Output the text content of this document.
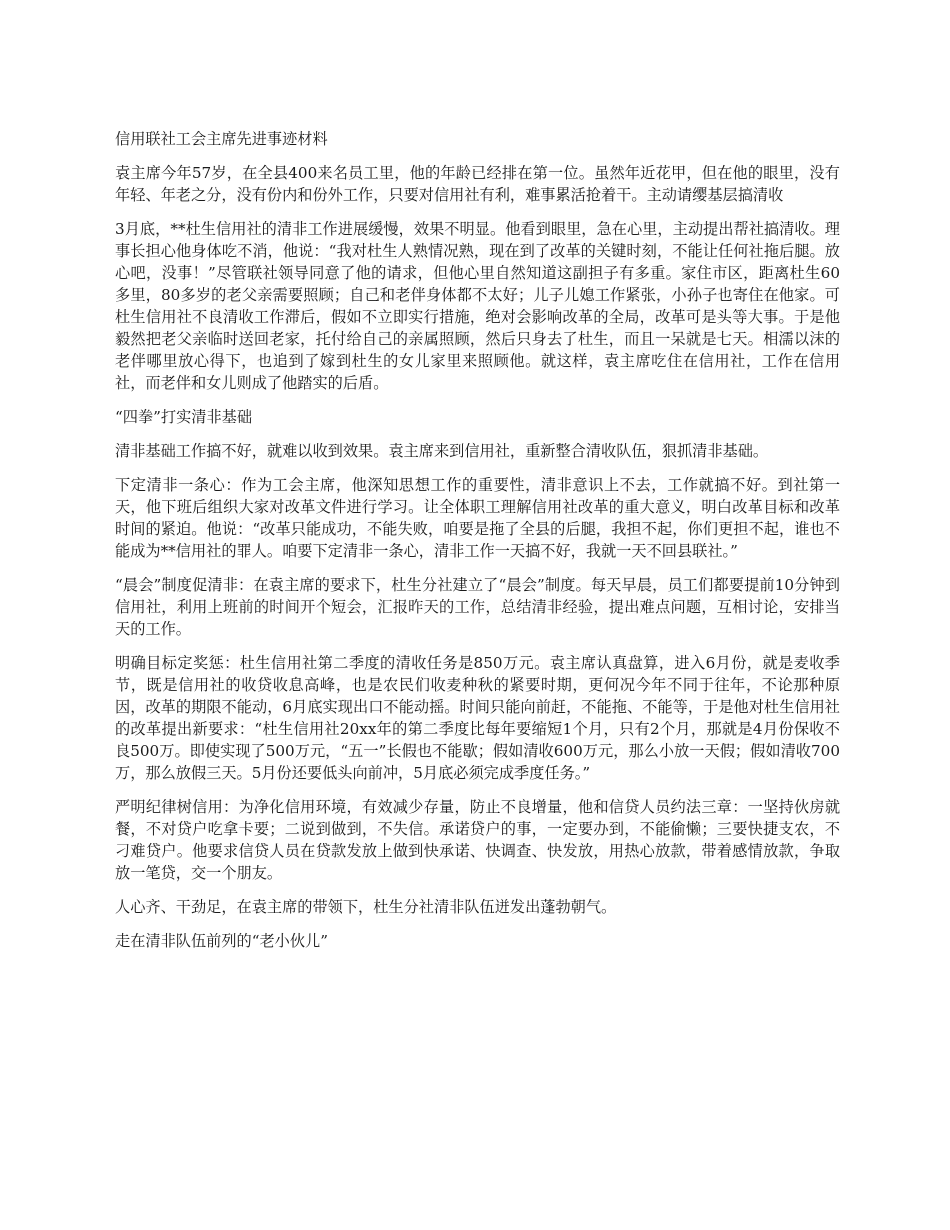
信用联社工会主席先进事迹材料

袁主席今年57岁，在全县400来名员工里，他的年龄已经排在第一位。虽然年近花甲，但在他的眼里，没有年轻、年老之分，没有份内和份外工作，只要对信用社有利，难事累活抢着干。主动请缨基层搞清收

3月底，**杜生信用社的清非工作进展缓慢，效果不明显。他看到眼里，急在心里，主动提出帮社搞清收。理事长担心他身体吃不消，他说：“我对杜生人熟情况熟，现在到了改革的关键时刻，不能让任何社拖后腿。放心吧，没事！”尽管联社领导同意了他的请求，但他心里自然知道这副担子有多重。家住市区，距离杜生60多里，80多岁的老父亲需要照顾；自己和老伴身体都不太好；儿子儿媳工作紧张，小孙子也寄住在他家。可杜生信用社不良清收工作滞后，假如不立即实行措施，绝对会影响改革的全局，改革可是头等大事。于是他毅然把老父亲临时送回老家，托付给自己的亲属照顾，然后只身去了杜生，而且一呆就是七天。相濡以沫的老伴哪里放心得下，也追到了嫁到杜生的女儿家里来照顾他。就这样，袁主席吃住在信用社，工作在信用社，而老伴和女儿则成了他踏实的后盾。

“四拳”打实清非基础

清非基础工作搞不好，就难以收到效果。袁主席来到信用社，重新整合清收队伍，狠抓清非基础。

下定清非一条心：作为工会主席，他深知思想工作的重要性，清非意识上不去，工作就搞不好。到社第一天，他下班后组织大家对改革文件进行学习。让全体职工理解信用社改革的重大意义，明白改革目标和改革时间的紧迫。他说：“改革只能成功，不能失败，咱要是拖了全县的后腿，我担不起，你们更担不起，谁也不能成为**信用社的罪人。咱要下定清非一条心，清非工作一天搞不好，我就一天不回县联社。”

“晨会”制度促清非：在袁主席的要求下，杜生分社建立了“晨会”制度。每天早晨，员工们都要提前10分钟到信用社，利用上班前的时间开个短会，汇报昨天的工作，总结清非经验，提出难点问题，互相讨论，安排当天的工作。

明确目标定奖惩：杜生信用社第二季度的清收任务是850万元。袁主席认真盘算，进入6月份，就是麦收季节，既是信用社的收贷收息高峰，也是农民们收麦种秋的紧要时期，更何况今年不同于往年，不论那种原因，改革的期限不能动，6月底实现出口不能动摇。时间只能向前赶，不能拖、不能等，于是他对杜生信用社的改革提出新要求：“杜生信用社20xx年的第二季度比每年要缩短1个月，只有2个月，那就是4月份保收不良500万。即使实现了500万元，“五一”长假也不能歇；假如清收600万元，那么小放一天假；假如清收700万，那么放假三天。5月份还要低头向前冲，5月底必须完成季度任务。”

严明纪律树信用：为净化信用环境，有效减少存量，防止不良增量，他和信贷人员约法三章：一坚持伙房就餐，不对贷户吃拿卡要；二说到做到，不失信。承诺贷户的事，一定要办到，不能偷懒；三要快捷支农，不刁难贷户。他要求信贷人员在贷款发放上做到快承诺、快调查、快发放，用热心放款，带着感情放款，争取放一笔贷，交一个朋友。

人心齐、干劲足，在袁主席的带领下，杜生分社清非队伍迸发出蓬勃朝气。

走在清非队伍前列的“老小伙儿”
